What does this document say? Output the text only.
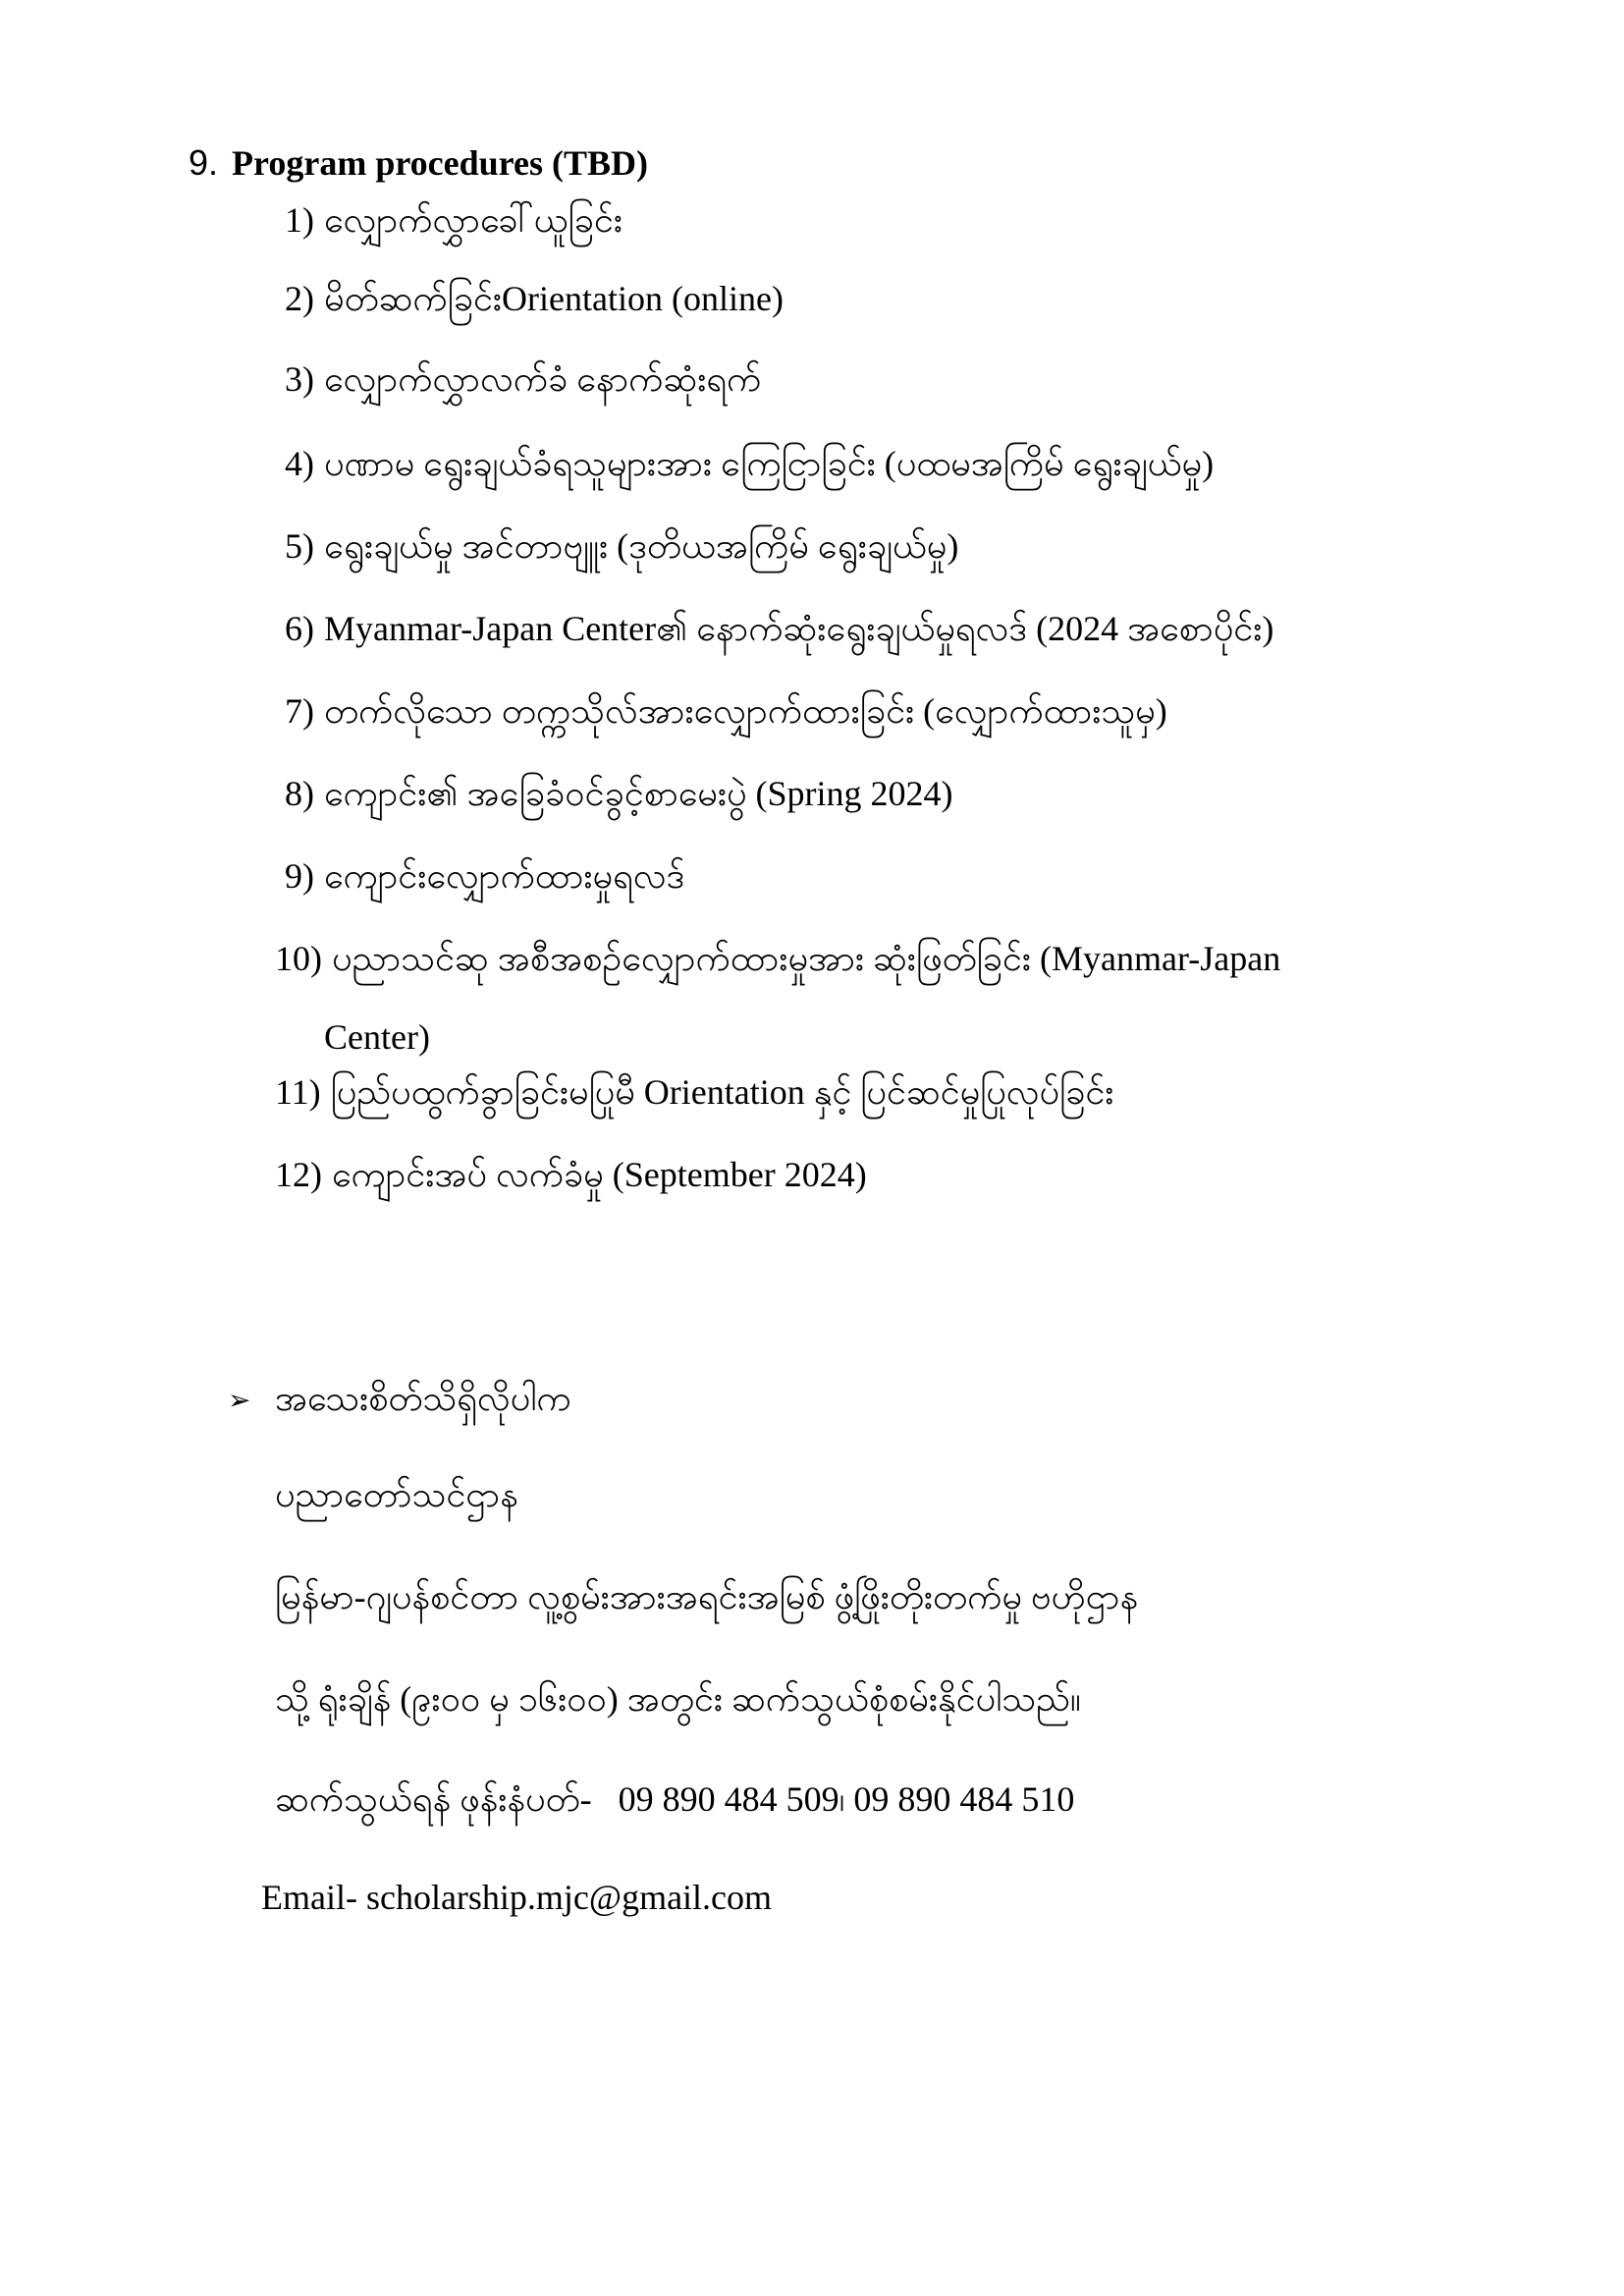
9. Program procedures (TBD)
1) လျှောက်လွှာခေါ်ယူခြင်း
2) မိတ်ဆက်ခြင်းOrientation (online)
3) လျှောက်လွှာလက်ခံ နောက်ဆုံးရက်
4) ပဏာမ ရွေးချယ်ခံရသူများအား ကြေငြာခြင်း (ပထမအကြိမ် ရွေးချယ်မှု)
5) ရွေးချယ်မှု အင်တာဗျူး (ဒုတိယအကြိမ် ရွေးချယ်မှု)
6) Myanmar-Japan Center၏ နောက်ဆုံးရွေးချယ်မှုရလဒ် (2024 အစောပိုင်း)
7) တက်လိုသော တက္ကသိုလ်အားလျှောက်ထားခြင်း (လျှောက်ထားသူမှ)
8) ကျောင်း၏ အခြေခံဝင်ခွင့်စာမေးပွဲ (Spring 2024)
9) ကျောင်းလျှောက်ထားမှုရလဒ်
10) ပညာသင်ဆု အစီအစဉ်လျှောက်ထားမှုအား ဆုံးဖြတ်ခြင်း (Myanmar-Japan
Center)
11) ပြည်ပထွက်ခွာခြင်းမပြုမီ Orientation နှင့် ပြင်ဆင်မှုပြုလုပ်ခြင်း
12) ကျောင်းအပ် လက်ခံမှု (September 2024)
➢ အသေးစိတ်သိရှိလိုပါက
ပညာတော်သင်ဌာန
မြန်မာ-ဂျပန်စင်တာ လူ့စွမ်းအားအရင်းအမြစ် ဖွံ့ဖြိုးတိုးတက်မှု ဗဟိုဌာန
သို့ ရုံးချိန် (၉း၀၀ မှ ၁၆း၀၀) အတွင်း ဆက်သွယ်စုံစမ်းနိုင်ပါသည်။
ဆက်သွယ်ရန် ဖုန်းနံပတ်- 09 890 484 509၊ 09 890 484 510
Email- scholarship.mjc@gmail.com
